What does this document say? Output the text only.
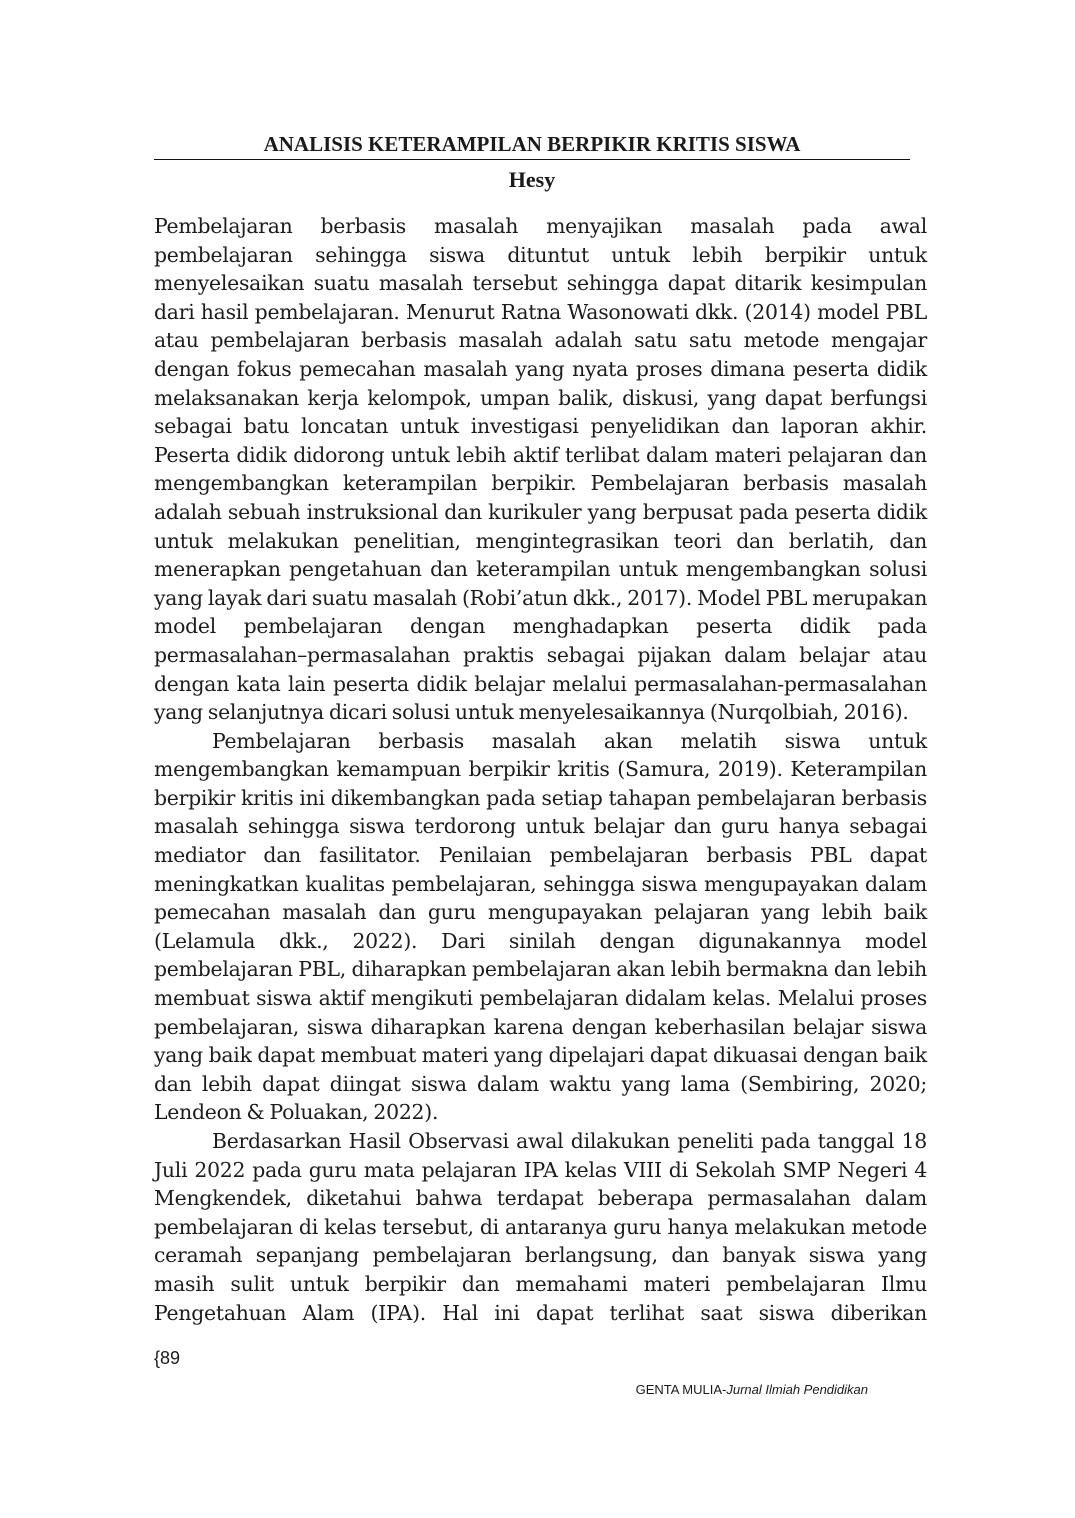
ANALISIS KETERAMPILAN BERPIKIR KRITIS SISWA
Hesy
Pembelajaran berbasis masalah menyajikan masalah pada awal
pembelajaran sehingga siswa dituntut untuk lebih berpikir untuk
menyelesaikan suatu masalah tersebut sehingga dapat ditarik kesimpulan
dari hasil pembelajaran. Menurut Ratna Wasonowati dkk. (2014) model PBL
atau pembelajaran berbasis masalah adalah satu satu metode mengajar
dengan fokus pemecahan masalah yang nyata proses dimana peserta didik
melaksanakan kerja kelompok, umpan balik, diskusi, yang dapat berfungsi
sebagai batu loncatan untuk investigasi penyelidikan dan laporan akhir.
Peserta didik didorong untuk lebih aktif terlibat dalam materi pelajaran dan
mengembangkan keterampilan berpikir. Pembelajaran berbasis masalah
adalah sebuah instruksional dan kurikuler yang berpusat pada peserta didik
untuk melakukan penelitian, mengintegrasikan teori dan berlatih, dan
menerapkan pengetahuan dan keterampilan untuk mengembangkan solusi
yang layak dari suatu masalah (Robi’atun dkk., 2017). Model PBL merupakan
model pembelajaran dengan menghadapkan peserta didik pada
permasalahan–permasalahan praktis sebagai pijakan dalam belajar atau
dengan kata lain peserta didik belajar melalui permasalahan-permasalahan
yang selanjutnya dicari solusi untuk menyelesaikannya (Nurqolbiah, 2016).
Pembelajaran berbasis masalah akan melatih siswa untuk
mengembangkan kemampuan berpikir kritis (Samura, 2019). Keterampilan
berpikir kritis ini dikembangkan pada setiap tahapan pembelajaran berbasis
masalah sehingga siswa terdorong untuk belajar dan guru hanya sebagai
mediator dan fasilitator. Penilaian pembelajaran berbasis PBL dapat
meningkatkan kualitas pembelajaran, sehingga siswa mengupayakan dalam
pemecahan masalah dan guru mengupayakan pelajaran yang lebih baik
(Lelamula dkk., 2022). Dari sinilah dengan digunakannya model
pembelajaran PBL, diharapkan pembelajaran akan lebih bermakna dan lebih
membuat siswa aktif mengikuti pembelajaran didalam kelas. Melalui proses
pembelajaran, siswa diharapkan karena dengan keberhasilan belajar siswa
yang baik dapat membuat materi yang dipelajari dapat dikuasai dengan baik
dan lebih dapat diingat siswa dalam waktu yang lama (Sembiring, 2020;
Lendeon & Poluakan, 2022).
Berdasarkan Hasil Observasi awal dilakukan peneliti pada tanggal 18
Juli 2022 pada guru mata pelajaran IPA kelas VIII di Sekolah SMP Negeri 4
Mengkendek, diketahui bahwa terdapat beberapa permasalahan dalam
pembelajaran di kelas tersebut, di antaranya guru hanya melakukan metode
ceramah sepanjang pembelajaran berlangsung, dan banyak siswa yang
masih sulit untuk berpikir dan memahami materi pembelajaran Ilmu
Pengetahuan Alam (IPA). Hal ini dapat terlihat saat siswa diberikan
{89
GENTA MULIA-Jurnal Ilmiah Pendidikan
